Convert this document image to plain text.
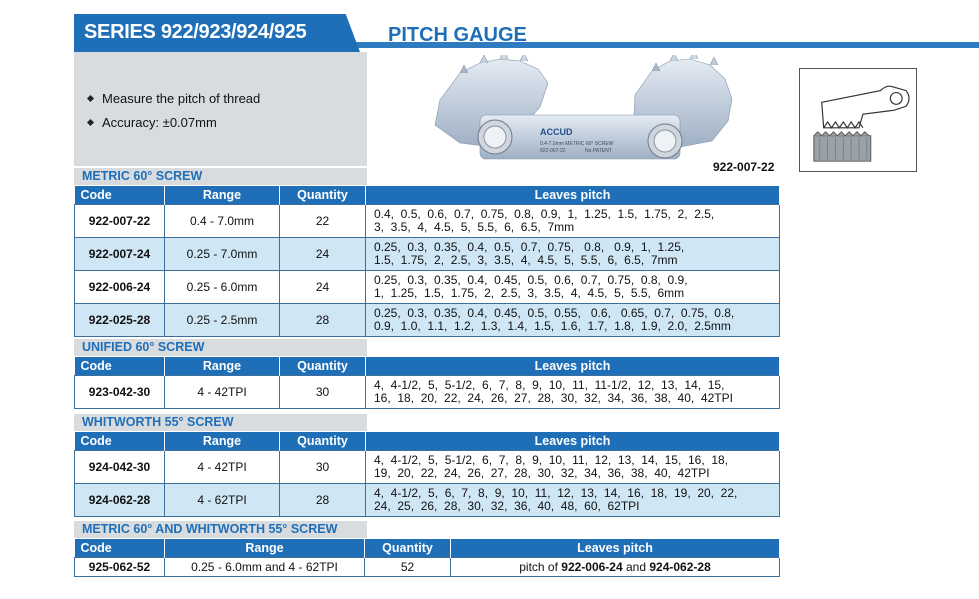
SERIES 922/923/924/925	PITCH GAUGE
Measure the pitch of thread
Accuracy: ±0.07mm
ACCUD
0.4-7.0mm METRIC 60° SCREW
922-007-22	No.PATENT
922-007-22
METRIC 60° SCREW
Code	Range	Quantity	Leaves pitch
922-007-22	0.4 - 7.0mm	22	0.4,  0.5,  0.6,  0.7,  0.75,  0.8,  0.9,  1,  1.25,  1.5,  1.75,  2,  2.5,
3,  3.5,  4,  4.5,  5,  5.5,  6,  6.5,  7mm

922-007-24	0.25 - 7.0mm	24	0.25,  0.3,  0.35,  0.4,  0.5,  0.7,  0.75,   0.8,   0.9,  1,  1.25,
1.5,  1.75,  2,  2.5,  3,  3.5,  4,  4.5,  5,  5.5,  6,  6.5,  7mm

922-006-24	0.25 - 6.0mm	24	0.25,  0.3,  0.35,  0.4,  0.45,  0.5,  0.6,  0.7,  0.75,  0.8,  0.9,
1,  1.25,  1.5,  1.75,  2,  2.5,  3,  3.5,  4,  4.5,  5,  5.5,  6mm

922-025-28	0.25 - 2.5mm	28	0.25,  0.3,  0.35,  0.4,  0.45,  0.5,  0.55,   0.6,   0.65,  0.7,  0.75,  0.8,
0.9,  1.0,  1.1,  1.2,  1.3,  1.4,  1.5,  1.6,  1.7,  1.8,  1.9,  2.0,  2.5mm
UNIFIED 60° SCREW
Code	Range	Quantity	Leaves pitch
923-042-30	4 - 42TPI	30	4,  4-1/2,  5,  5-1/2,  6,  7,  8,  9,  10,  11,  11-1/2,  12,  13,  14,  15,
16,  18,  20,  22,  24,  26,  27,  28,  30,  32,  34,  36,  38,  40,  42TPI
WHITWORTH 55° SCREW
Code	Range	Quantity	Leaves pitch
924-042-30	4 - 42TPI	30	4,  4-1/2,  5,  5-1/2,  6,  7,  8,  9,  10,  11,  12,  13,  14,  15,  16,  18,
19,  20,  22,  24,  26,  27,  28,  30,  32,  34,  36,  38,  40,  42TPI

924-062-28	4 - 62TPI	28	4,  4-1/2,  5,  6,  7,  8,  9,  10,  11,  12,  13,  14,  16,  18,  19,  20,  22,
24,  25,  26,  28,  30,  32,  36,  40,  48,  60,  62TPI
METRIC 60° AND WHITWORTH 55° SCREW
Code	Range	Quantity	Leaves pitch
925-062-52	0.25 - 6.0mm and 4 - 62TPI	52	pitch of 922-006-24 and 924-062-28
